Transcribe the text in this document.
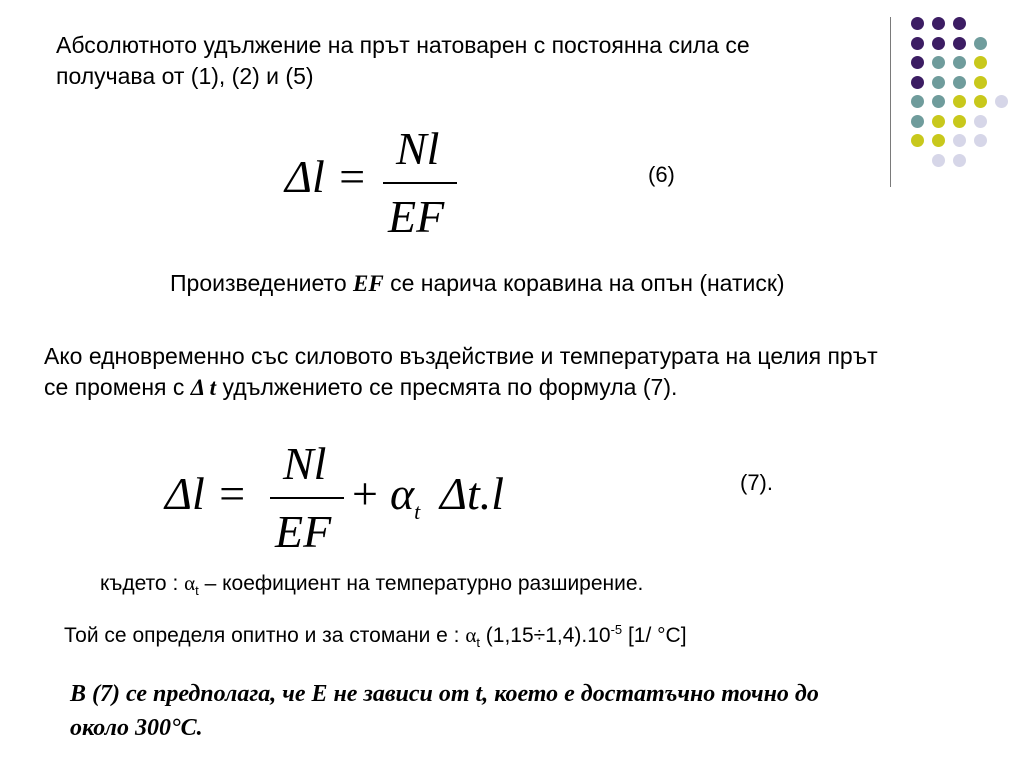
Абсолютното удължение на прът натоварен с постоянна сила се
получава от (1), (2) и (5)
Δl =
Nl
EF
(6)
Произведението EF се нарича коравина на опън (натиск)
Ако едновременно със силовото въздействие и температурата на целия прът
се променя с Δ t удължението се пресмята по формула (7).
Δl =
Nl
EF
+ $\alpha_t$ Δt.l	(7).
където : $\alpha_t$ – коефициент на температурно разширение.
Той се определя опитно и за стомани е : $\alpha_t$ $(1,15\div 1,4).10^{-5}$ [1/ °C]
В (7) се предполага, че Е не зависи от t, което е достатъчно точно до
около 300°С.
